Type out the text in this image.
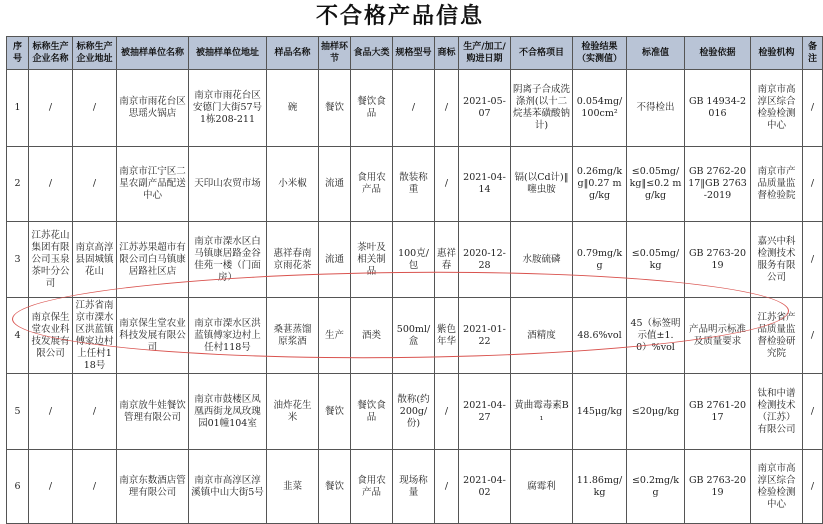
不合格产品信息
序号	标称生产企业名称	标称生产企业地址	被抽样单位名称	被抽样单位地址	样品名称	抽样环节	食品大类	规格型号	商标	生产/加工/购进日期	不合格项目	检验结果（实测值）	标准值	检验依据	检验机构	备注
1	/	/	南京市雨花台区思瑶火锅店	南京市雨花台区安德门大街57号1栋208-211	碗	餐饮	餐饮食品	/	/	2021-05-07	阴离子合成洗涤剂(以十二烷基苯磺酸钠计)	0.054mg/100cm²	不得检出	GB 14934-2016	南京市高淳区综合检验检测中心	/
2	/	/	南京市江宁区二星农副产品配送中心	天印山农贸市场	小米椒	流通	食用农产品	散装称重	/	2021-04-14	镉(以Cd计)‖噻虫胺	0.26mg/kg‖0.27 mg/kg	≤0.05mg/kg‖≤0.2 mg/kg	GB 2762-2017‖GB 2763-2019	南京市产品质量监督检验院	/
3	江苏花山集团有限公司玉泉茶叶分公司	南京高淳县固城镇花山	江苏苏果超市有限公司白马镇康居路社区店	南京市溧水区白马镇康居路金谷佳苑一楼（门面房）	惠祥春南京雨花茶	流通	茶叶及相关制品	100克/包	惠祥春	2020-12-28	水胺硫磷	0.79mg/kg	≤0.05mg/kg	GB 2763-2019	嘉兴中科检测技术服务有限公司	/
4	南京保生堂农业科技发展有限公司	江苏省南京市溧水区洪蓝镇傅家边村上任村118号	南京保生堂农业科技发展有限公司	南京市溧水区洪蓝镇傅家边村上任村118号	桑葚蒸馏原浆酒	生产	酒类	500ml/盒	紫色年华	2021-01-22	酒精度	48.6%vol	45（标签明示值±1.0）%vol	产品明示标准及质量要求	江苏省产品质量监督检验研究院	/
5	/	/	南京放牛娃餐饮管理有限公司	南京市鼓楼区凤凰西街龙凤玫瑰园01幢104室	油炸花生米	餐饮	餐饮食品	散称(约200g/份)	/	2021-04-27	黄曲霉毒素B₁	145μg/kg	≤20μg/kg	GB 2761-2017	钛和中谱检测技术（江苏）有限公司	/
6	/	/	南京东数酒店管理有限公司	南京市高淳区淳溪镇中山大街5号	韭菜	餐饮	食用农产品	现场称量	/	2021-04-02	腐霉利	11.86mg/kg	≤0.2mg/kg	GB 2763-2019	南京市高淳区综合检验检测中心	/
